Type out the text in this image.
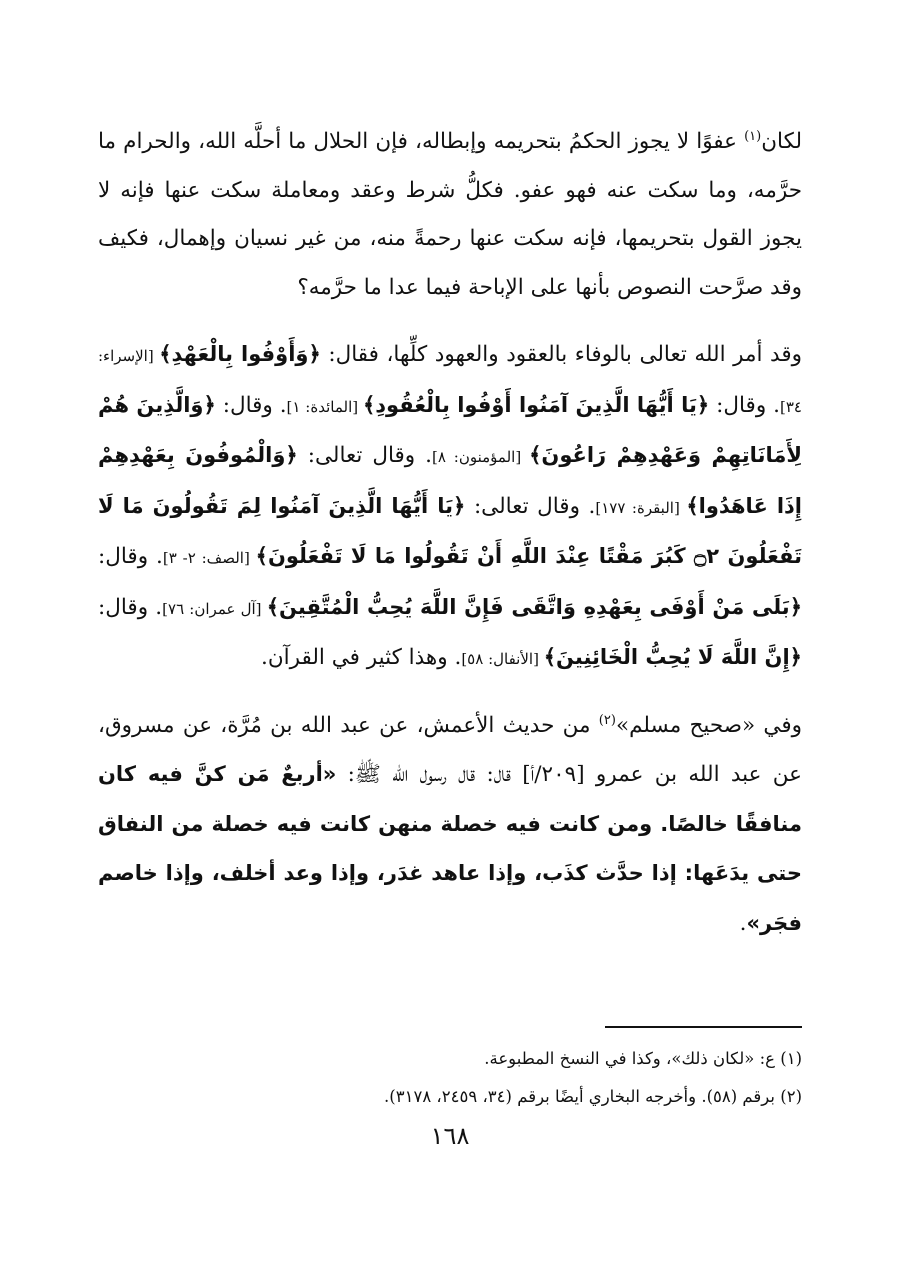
لكان$^{(١)}$ عفوًا لا يجوز الحكمُ بتحريمه وإبطاله، فإن الحلال ما أحلَّه الله، والحرام ما حرَّمه، وما سكت عنه فهو عفو. فكلُّ شرط وعقد ومعاملة سكت عنها فإنه لا يجوز القول بتحريمها، فإنه سكت عنها رحمةً منه، من غير نسيان وإهمال، فكيف وقد صرَّحت النصوص بأنها على الإباحة فيما عدا ما حرَّمه؟

وقد أمر الله تعالى بالوفاء بالعقود والعهود كلِّها، فقال: ﴿وَأَوْفُوا بِالْعَهْدِ﴾ [الإسراء: ٣٤]. وقال: ﴿يَا أَيُّهَا الَّذِينَ آمَنُوا أَوْفُوا بِالْعُقُودِ﴾ [المائدة: ١]. وقال: ﴿وَالَّذِينَ هُمْ لِأَمَانَاتِهِمْ وَعَهْدِهِمْ رَاعُونَ﴾ [المؤمنون: ٨]. وقال تعالى: ﴿وَالْمُوفُونَ بِعَهْدِهِمْ إِذَا عَاهَدُوا﴾ [البقرة: ١٧٧]. وقال تعالى: ﴿يَا أَيُّهَا الَّذِينَ آمَنُوا لِمَ تَقُولُونَ مَا لَا تَفْعَلُونَ ۝٢ كَبُرَ مَقْتًا عِنْدَ اللَّهِ أَنْ تَقُولُوا مَا لَا تَفْعَلُونَ﴾ [الصف: ٢- ٣]. وقال: ﴿بَلَى مَنْ أَوْفَى بِعَهْدِهِ وَاتَّقَى فَإِنَّ اللَّهَ يُحِبُّ الْمُتَّقِينَ﴾ [آل عمران: ٧٦]. وقال: ﴿إِنَّ اللَّهَ لَا يُحِبُّ الْخَائِنِينَ﴾ [الأنفال: ٥٨]. وهذا كثير في القرآن.

وفي «صحيح مسلم»$^{(٢)}$ من حديث الأعمش، عن عبد الله بن مُرَّة، عن مسروق، عن عبد الله بن عمرو [٢٠٩/أ] قال: قال رسول الله ﷺ: «أربعٌ مَن كنَّ فيه كان منافقًا خالصًا. ومن كانت فيه خصلة منهن كانت فيه خصلة من النفاق حتى يدَعَها: إذا حدَّث كذَب، وإذا عاهد غدَر، وإذا وعد أخلف، وإذا خاصم فجَر».

(١) ع: «لكان ذلك»، وكذا في النسخ المطبوعة.

(٢) برقم (٥٨). وأخرجه البخاري أيضًا برقم (٣٤، ٢٤٥٩، ٣١٧٨).

١٦٨
